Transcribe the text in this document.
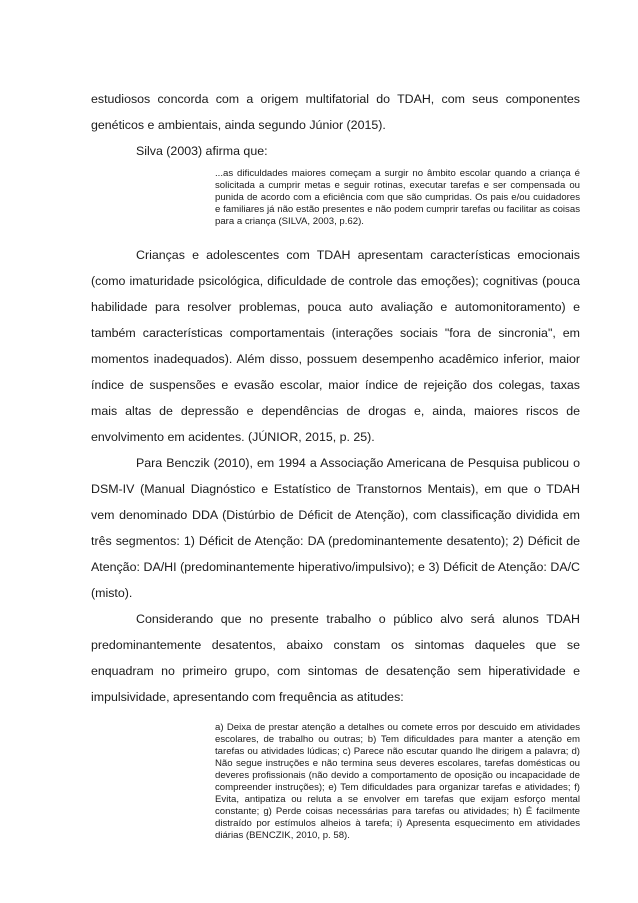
estudiosos concorda com a origem multifatorial do TDAH, com seus componentes genéticos e ambientais, ainda segundo Júnior (2015).

Silva (2003) afirma que:

...as dificuldades maiores começam a surgir no âmbito escolar quando a criança é solicitada a cumprir metas e seguir rotinas, executar tarefas e ser compensada ou punida de acordo com a eficiência com que são cumpridas. Os pais e/ou cuidadores e familiares já não estão presentes e não podem cumprir tarefas ou facilitar as coisas para a criança (SILVA, 2003, p.62).

Crianças e adolescentes com TDAH apresentam características emocionais (como imaturidade psicológica, dificuldade de controle das emoções); cognitivas (pouca habilidade para resolver problemas, pouca auto avaliação e automonitoramento) e também características comportamentais (interações sociais "fora de sincronia", em momentos inadequados). Além disso, possuem desempenho acadêmico inferior, maior índice de suspensões e evasão escolar, maior índice de rejeição dos colegas, taxas mais altas de depressão e dependências de drogas e, ainda, maiores riscos de envolvimento em acidentes. (JÚNIOR, 2015, p. 25).

Para Benczik (2010), em 1994 a Associação Americana de Pesquisa publicou o DSM-IV (Manual Diagnóstico e Estatístico de Transtornos Mentais), em que o TDAH vem denominado DDA (Distúrbio de Déficit de Atenção), com classificação dividida em três segmentos: 1) Déficit de Atenção: DA (predominantemente desatento); 2) Déficit de Atenção: DA/HI (predominantemente hiperativo/impulsivo); e 3) Déficit de Atenção: DA/C (misto).

Considerando que no presente trabalho o público alvo será alunos TDAH predominantemente desatentos, abaixo constam os sintomas daqueles que se enquadram no primeiro grupo, com sintomas de desatenção sem hiperatividade e impulsividade, apresentando com frequência as atitudes:

a) Deixa de prestar atenção a detalhes ou comete erros por descuido em atividades escolares, de trabalho ou outras; b) Tem dificuldades para manter a atenção em tarefas ou atividades lúdicas; c) Parece não escutar quando lhe dirigem a palavra; d) Não segue instruções e não termina seus deveres escolares, tarefas domésticas ou deveres profissionais (não devido a comportamento de oposição ou incapacidade de compreender instruções); e) Tem dificuldades para organizar tarefas e atividades; f) Evita, antipatiza ou reluta a se envolver em tarefas que exijam esforço mental constante; g) Perde coisas necessárias para tarefas ou atividades; h) É facilmente distraído por estímulos alheios à tarefa; i) Apresenta esquecimento em atividades diárias (BENCZIK, 2010, p. 58).
